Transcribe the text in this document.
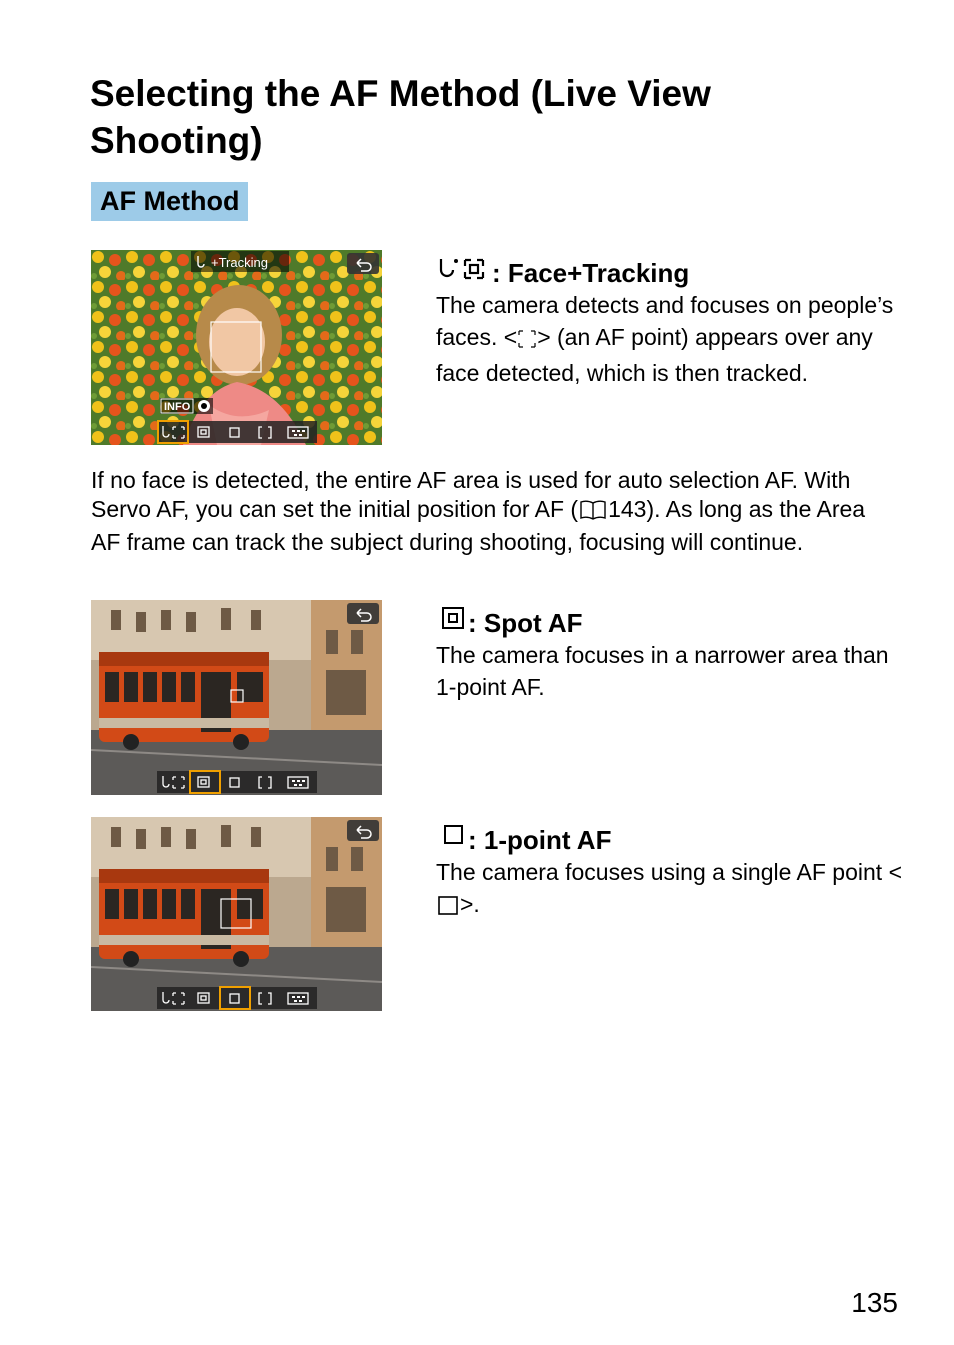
Selecting the AF Method (Live View Shooting)
AF Method
+Tracking
INFO
: Face+Tracking

The camera detects and focuses on people’s faces. < > (an AF point) appears over any face detected, which is then tracked.

If no face is detected, the entire AF area is used for auto selection AF. With Servo AF, you can set the initial position for AF ( 143). As long as the Area AF frame can track the subject during shooting, focusing will continue.

: Spot AF

The camera focuses in a narrower area than 1-point AF.

: 1-point AF

The camera focuses using a single AF point <>.

135
